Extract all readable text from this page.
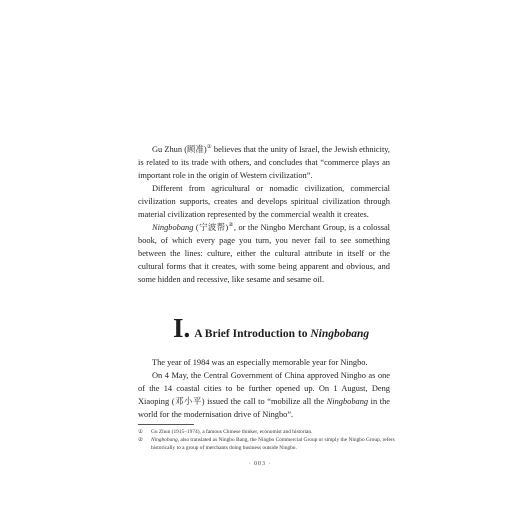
Gu Zhun (顾准)① believes that the unity of Israel, the Jewish ethnicity, is related to its trade with others, and concludes that “commerce plays an important role in the origin of Western civilization”.

Different from agricultural or nomadic civilization, commercial civilization supports, creates and develops spiritual civilization through material civilization represented by the commercial wealth it creates.

Ningbobang (宁波帮)②, or the Ningbo Merchant Group, is a colossal book, of which every page you turn, you never fail to see something between the lines: culture, either the cultural attribute in itself or the cultural forms that it creates, with some being apparent and obvious, and some hidden and recessive, like sesame and sesame oil.

I. A Brief Introduction to Ningbobang

The year of 1984 was an especially memorable year for Ningbo.

On 4 May, the Central Government of China approved Ningbo as one of the 14 coastal cities to be further opened up. On 1 August, Deng Xiaoping (邓小平) issued the call to “mobilize all the Ningbobang in the world for the modernisation drive of Ningbo”.

①	Gu Zhun (1915–1974), a famous Chinese thinker, economist and historian.
②	Ningbobang, also translated as Ningbo Bang, the Ningbo Commercial Group or simply the Ningbo Group, refers historically to a group of merchants doing business outside Ningbo.
· 003 ·
